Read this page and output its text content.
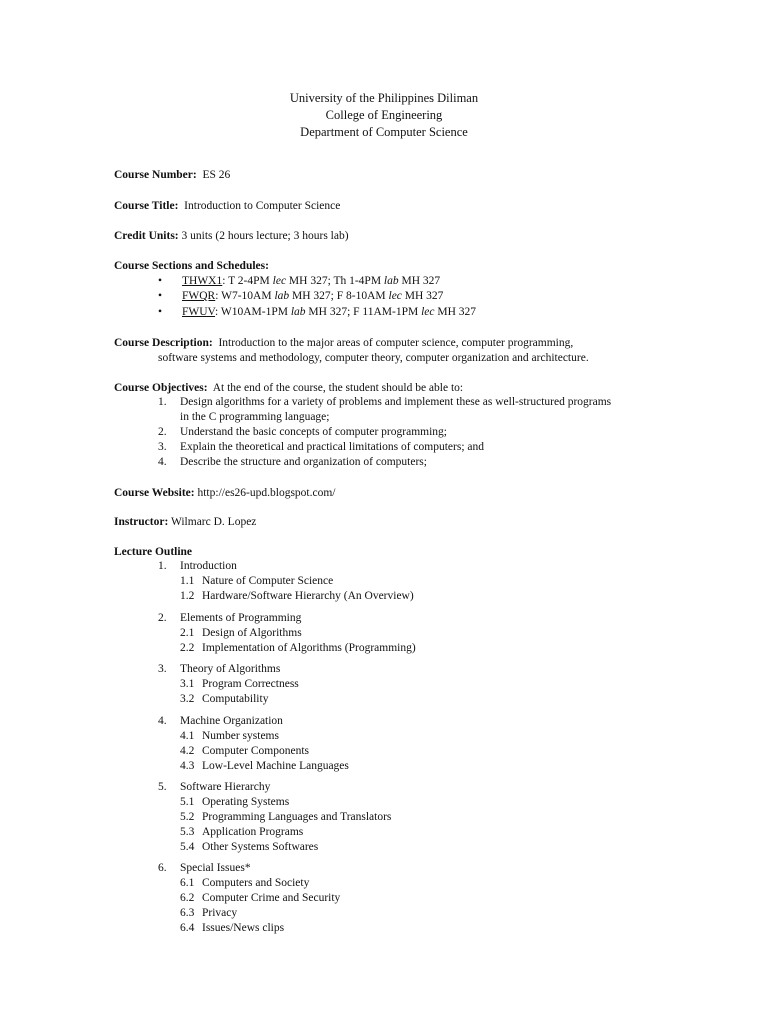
University of the Philippines Diliman
College of Engineering
Department of Computer Science
Course Number: ES 26
Course Title: Introduction to Computer Science
Credit Units: 3 units (2 hours lecture; 3 hours lab)
Course Sections and Schedules:
• THWX1: T 2-4PM lec MH 327; Th 1-4PM lab MH 327
• FWQR: W7-10AM lab MH 327; F 8-10AM lec MH 327
• FWUV: W10AM-1PM lab MH 327; F 11AM-1PM lec MH 327
Course Description: Introduction to the major areas of computer science, computer programming,
software systems and methodology, computer theory, computer organization and architecture.
Course Objectives: At the end of the course, the student should be able to:
1. Design algorithms for a variety of problems and implement these as well-structured programs
in the C programming language;
2. Understand the basic concepts of computer programming;
3. Explain the theoretical and practical limitations of computers; and
4. Describe the structure and organization of computers;
Course Website: http://es26-upd.blogspot.com/
Instructor: Wilmarc D. Lopez
Lecture Outline
1. Introduction
1.1 Nature of Computer Science
1.2 Hardware/Software Hierarchy (An Overview)
2. Elements of Programming
2.1 Design of Algorithms
2.2 Implementation of Algorithms (Programming)
3. Theory of Algorithms
3.1 Program Correctness
3.2 Computability
4. Machine Organization
4.1 Number systems
4.2 Computer Components
4.3 Low-Level Machine Languages
5. Software Hierarchy
5.1 Operating Systems
5.2 Programming Languages and Translators
5.3 Application Programs
5.4 Other Systems Softwares
6. Special Issues*
6.1 Computers and Society
6.2 Computer Crime and Security
6.3 Privacy
6.4 Issues/News clips
